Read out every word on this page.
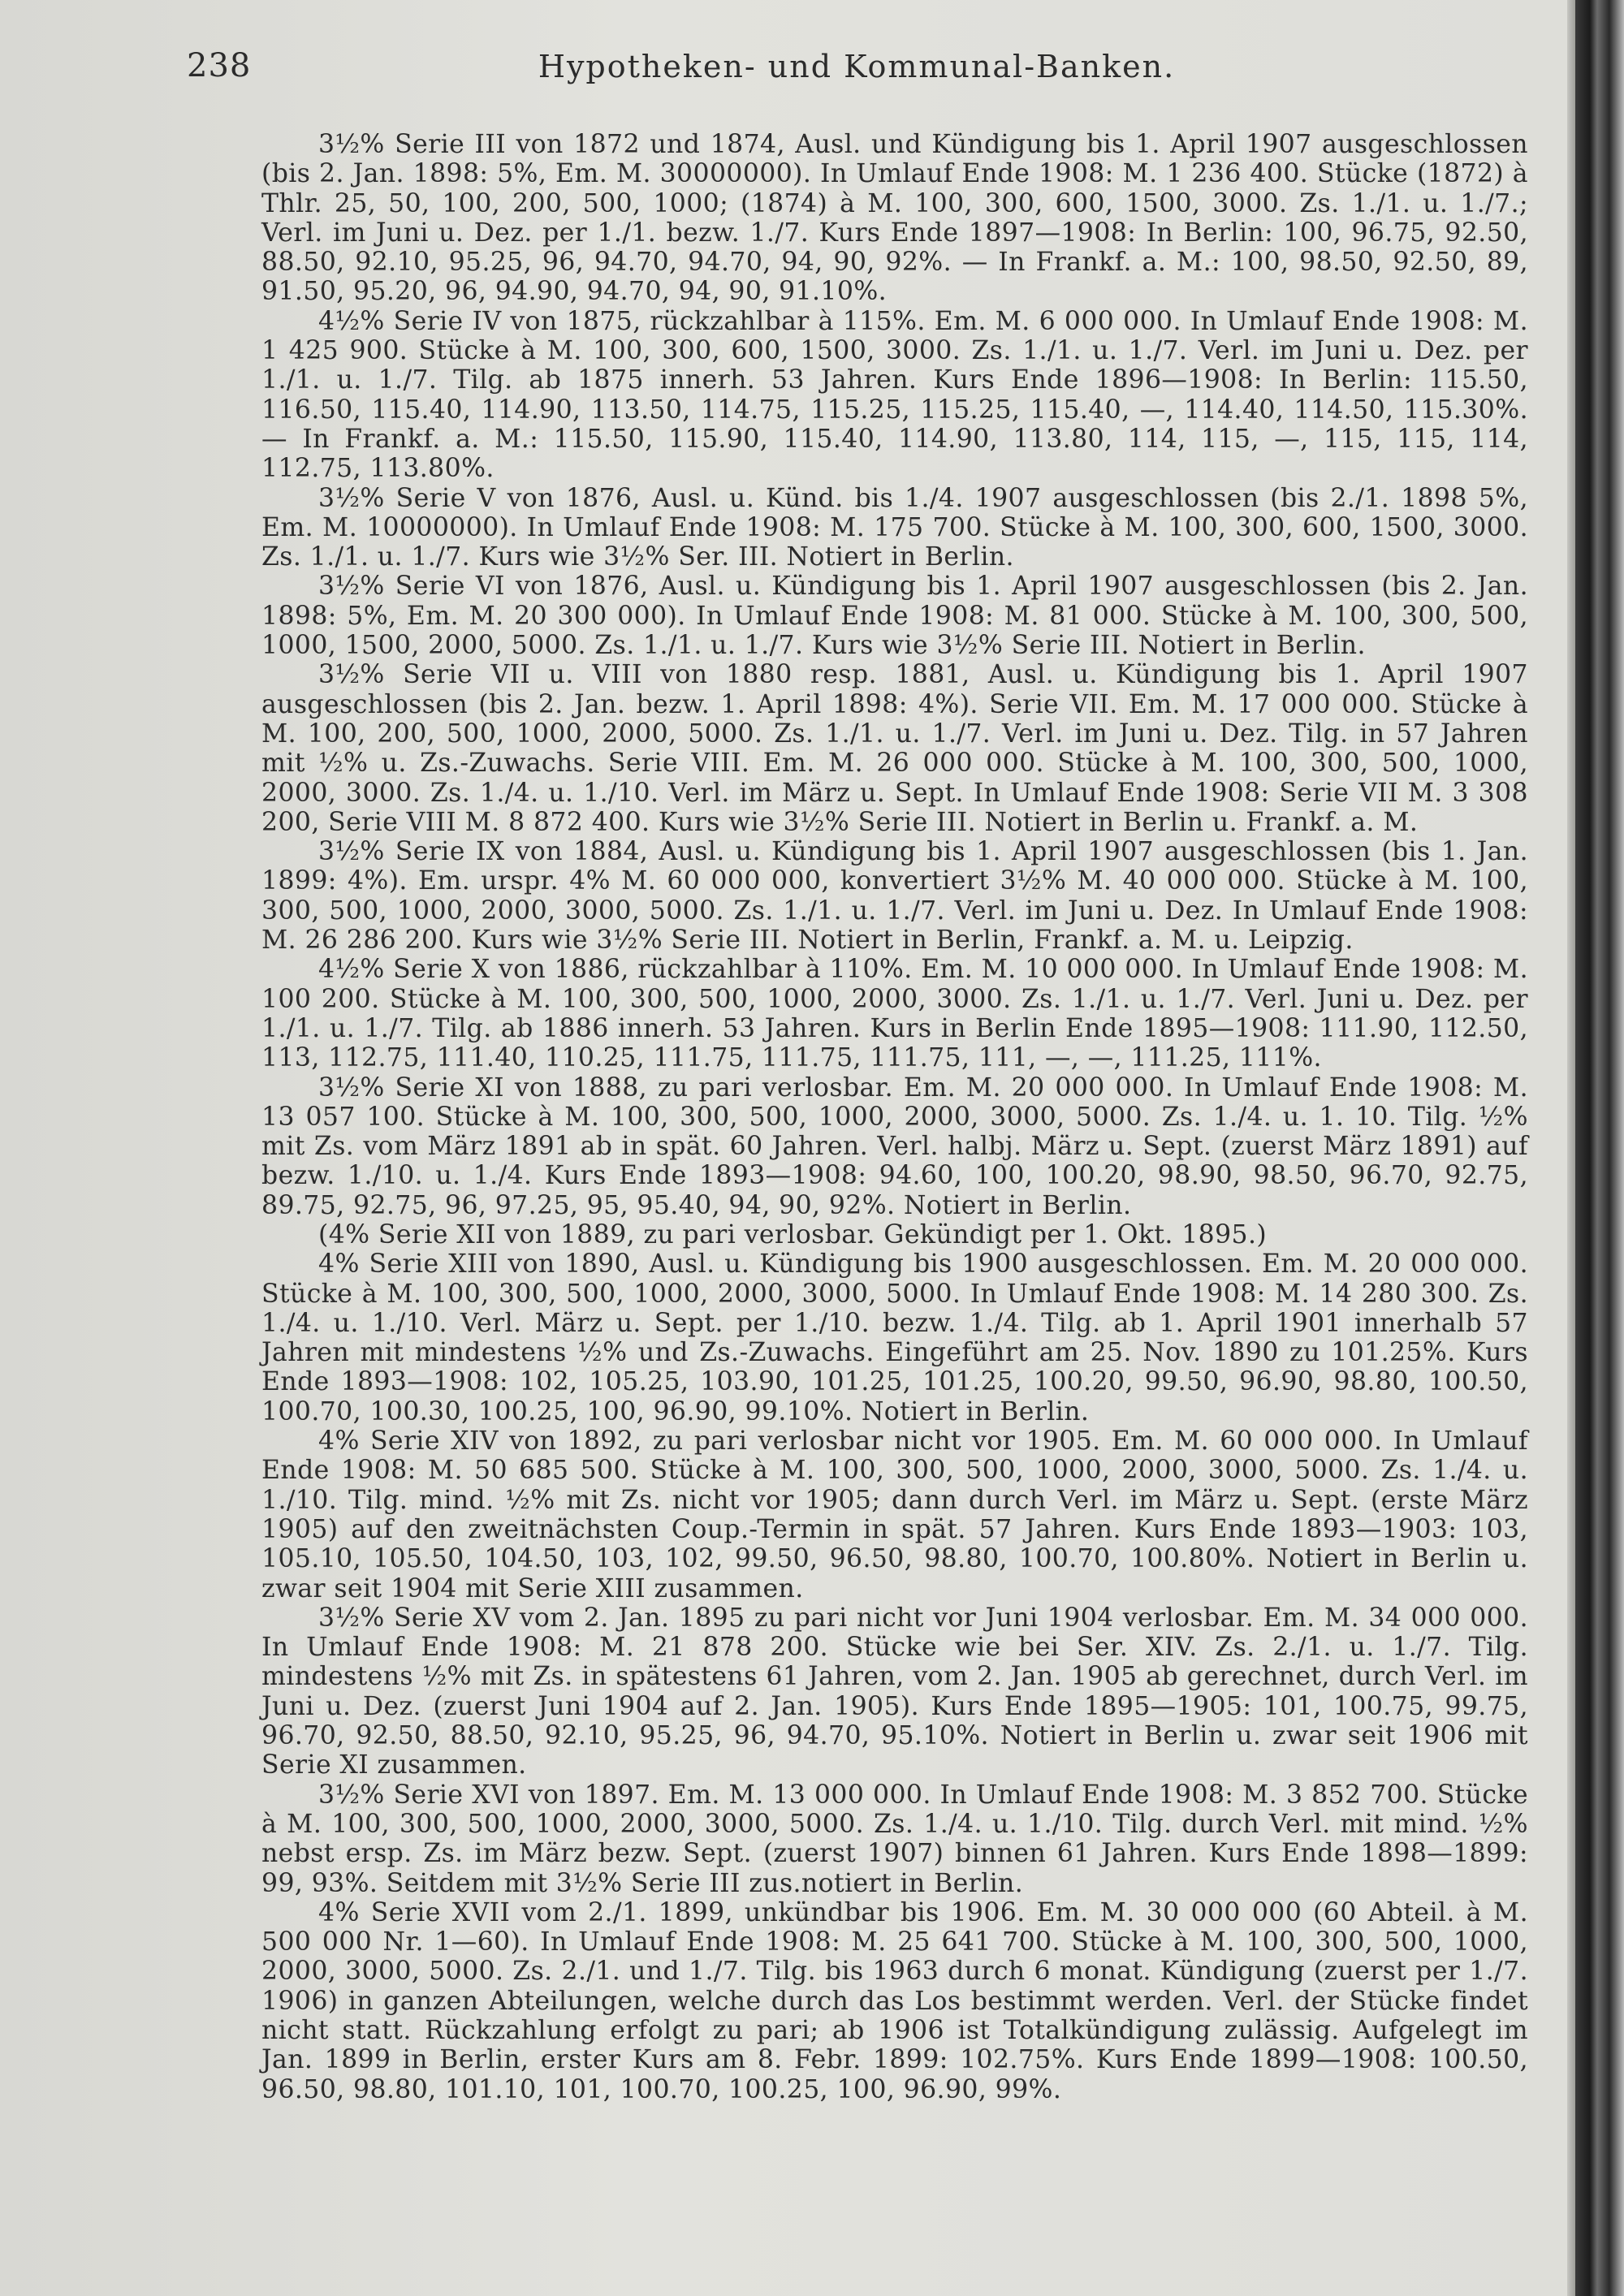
238	Hypotheken- und Kommunal-Banken.

3½% Serie III von 1872 und 1874, Ausl. und Kündigung bis 1. April 1907 ausgeschlossen (bis 2. Jan. 1898: 5%, Em. M. 30000000). In Umlauf Ende 1908: M. 1 236 400. Stücke (1872) à Thlr. 25, 50, 100, 200, 500, 1000; (1874) à M. 100, 300, 600, 1500, 3000. Zs. 1./1. u. 1./7.; Verl. im Juni u. Dez. per 1./1. bezw. 1./7. Kurs Ende 1897—1908: In Berlin: 100, 96.75, 92.50, 88.50, 92.10, 95.25, 96, 94.70, 94.70, 94, 90, 92%. — In Frankf. a. M.: 100, 98.50, 92.50, 89, 91.50, 95.20, 96, 94.90, 94.70, 94, 90, 91.10%.

4½% Serie IV von 1875, rückzahlbar à 115%. Em. M. 6 000 000. In Umlauf Ende 1908: M. 1 425 900. Stücke à M. 100, 300, 600, 1500, 3000. Zs. 1./1. u. 1./7. Verl. im Juni u. Dez. per 1./1. u. 1./7. Tilg. ab 1875 innerh. 53 Jahren. Kurs Ende 1896—1908: In Berlin: 115.50, 116.50, 115.40, 114.90, 113.50, 114.75, 115.25, 115.25, 115.40, —, 114.40, 114.50, 115.30%. — In Frankf. a. M.: 115.50, 115.90, 115.40, 114.90, 113.80, 114, 115, —, 115, 115, 114, 112.75, 113.80%.

3½% Serie V von 1876, Ausl. u. Künd. bis 1./4. 1907 ausgeschlossen (bis 2./1. 1898 5%, Em. M. 10000000). In Umlauf Ende 1908: M. 175 700. Stücke à M. 100, 300, 600, 1500, 3000. Zs. 1./1. u. 1./7. Kurs wie 3½% Ser. III. Notiert in Berlin.

3½% Serie VI von 1876, Ausl. u. Kündigung bis 1. April 1907 ausgeschlossen (bis 2. Jan. 1898: 5%, Em. M. 20 300 000). In Umlauf Ende 1908: M. 81 000. Stücke à M. 100, 300, 500, 1000, 1500, 2000, 5000. Zs. 1./1. u. 1./7. Kurs wie 3½% Serie III. Notiert in Berlin.

3½% Serie VII u. VIII von 1880 resp. 1881, Ausl. u. Kündigung bis 1. April 1907 ausgeschlossen (bis 2. Jan. bezw. 1. April 1898: 4%). Serie VII. Em. M. 17 000 000. Stücke à M. 100, 200, 500, 1000, 2000, 5000. Zs. 1./1. u. 1./7. Verl. im Juni u. Dez. Tilg. in 57 Jahren mit ½% u. Zs.-Zuwachs. Serie VIII. Em. M. 26 000 000. Stücke à M. 100, 300, 500, 1000, 2000, 3000. Zs. 1./4. u. 1./10. Verl. im März u. Sept. In Umlauf Ende 1908: Serie VII M. 3 308 200, Serie VIII M. 8 872 400. Kurs wie 3½% Serie III. Notiert in Berlin u. Frankf. a. M.

3½% Serie IX von 1884, Ausl. u. Kündigung bis 1. April 1907 ausgeschlossen (bis 1. Jan. 1899: 4%). Em. urspr. 4% M. 60 000 000, konvertiert 3½% M. 40 000 000. Stücke à M. 100, 300, 500, 1000, 2000, 3000, 5000. Zs. 1./1. u. 1./7. Verl. im Juni u. Dez. In Umlauf Ende 1908: M. 26 286 200. Kurs wie 3½% Serie III. Notiert in Berlin, Frankf. a. M. u. Leipzig.

4½% Serie X von 1886, rückzahlbar à 110%. Em. M. 10 000 000. In Umlauf Ende 1908: M. 100 200. Stücke à M. 100, 300, 500, 1000, 2000, 3000. Zs. 1./1. u. 1./7. Verl. Juni u. Dez. per 1./1. u. 1./7. Tilg. ab 1886 innerh. 53 Jahren. Kurs in Berlin Ende 1895—1908: 111.90, 112.50, 113, 112.75, 111.40, 110.25, 111.75, 111.75, 111.75, 111, —, —, 111.25, 111%.

3½% Serie XI von 1888, zu pari verlosbar. Em. M. 20 000 000. In Umlauf Ende 1908: M. 13 057 100. Stücke à M. 100, 300, 500, 1000, 2000, 3000, 5000. Zs. 1./4. u. 1. 10. Tilg. ½% mit Zs. vom März 1891 ab in spät. 60 Jahren. Verl. halbj. März u. Sept. (zuerst März 1891) auf bezw. 1./10. u. 1./4. Kurs Ende 1893—1908: 94.60, 100, 100.20, 98.90, 98.50, 96.70, 92.75, 89.75, 92.75, 96, 97.25, 95, 95.40, 94, 90, 92%. Notiert in Berlin.

(4% Serie XII von 1889, zu pari verlosbar. Gekündigt per 1. Okt. 1895.)

4% Serie XIII von 1890, Ausl. u. Kündigung bis 1900 ausgeschlossen. Em. M. 20 000 000. Stücke à M. 100, 300, 500, 1000, 2000, 3000, 5000. In Umlauf Ende 1908: M. 14 280 300. Zs. 1./4. u. 1./10. Verl. März u. Sept. per 1./10. bezw. 1./4. Tilg. ab 1. April 1901 innerhalb 57 Jahren mit mindestens ½% und Zs.-Zuwachs. Eingeführt am 25. Nov. 1890 zu 101.25%. Kurs Ende 1893—1908: 102, 105.25, 103.90, 101.25, 101.25, 100.20, 99.50, 96.90, 98.80, 100.50, 100.70, 100.30, 100.25, 100, 96.90, 99.10%. Notiert in Berlin.

4% Serie XIV von 1892, zu pari verlosbar nicht vor 1905. Em. M. 60 000 000. In Umlauf Ende 1908: M. 50 685 500. Stücke à M. 100, 300, 500, 1000, 2000, 3000, 5000. Zs. 1./4. u. 1./10. Tilg. mind. ½% mit Zs. nicht vor 1905; dann durch Verl. im März u. Sept. (erste März 1905) auf den zweitnächsten Coup.-Termin in spät. 57 Jahren. Kurs Ende 1893—1903: 103, 105.10, 105.50, 104.50, 103, 102, 99.50, 96.50, 98.80, 100.70, 100.80%. Notiert in Berlin u. zwar seit 1904 mit Serie XIII zusammen.

3½% Serie XV vom 2. Jan. 1895 zu pari nicht vor Juni 1904 verlosbar. Em. M. 34 000 000. In Umlauf Ende 1908: M. 21 878 200. Stücke wie bei Ser. XIV. Zs. 2./1. u. 1./7. Tilg. mindestens ½% mit Zs. in spätestens 61 Jahren, vom 2. Jan. 1905 ab gerechnet, durch Verl. im Juni u. Dez. (zuerst Juni 1904 auf 2. Jan. 1905). Kurs Ende 1895—1905: 101, 100.75, 99.75, 96.70, 92.50, 88.50, 92.10, 95.25, 96, 94.70, 95.10%. Notiert in Berlin u. zwar seit 1906 mit Serie XI zusammen.

3½% Serie XVI von 1897. Em. M. 13 000 000. In Umlauf Ende 1908: M. 3 852 700. Stücke à M. 100, 300, 500, 1000, 2000, 3000, 5000. Zs. 1./4. u. 1./10. Tilg. durch Verl. mit mind. ½% nebst ersp. Zs. im März bezw. Sept. (zuerst 1907) binnen 61 Jahren. Kurs Ende 1898—1899: 99, 93%. Seitdem mit 3½% Serie III zus.notiert in Berlin.

4% Serie XVII vom 2./1. 1899, unkündbar bis 1906. Em. M. 30 000 000 (60 Abteil. à M. 500 000 Nr. 1—60). In Umlauf Ende 1908: M. 25 641 700. Stücke à M. 100, 300, 500, 1000, 2000, 3000, 5000. Zs. 2./1. und 1./7. Tilg. bis 1963 durch 6 monat. Kündigung (zuerst per 1./7. 1906) in ganzen Abteilungen, welche durch das Los bestimmt werden. Verl. der Stücke findet nicht statt. Rückzahlung erfolgt zu pari; ab 1906 ist Totalkündigung zulässig. Aufgelegt im Jan. 1899 in Berlin, erster Kurs am 8. Febr. 1899: 102.75%. Kurs Ende 1899—1908: 100.50, 96.50, 98.80, 101.10, 101, 100.70, 100.25, 100, 96.90, 99%.
